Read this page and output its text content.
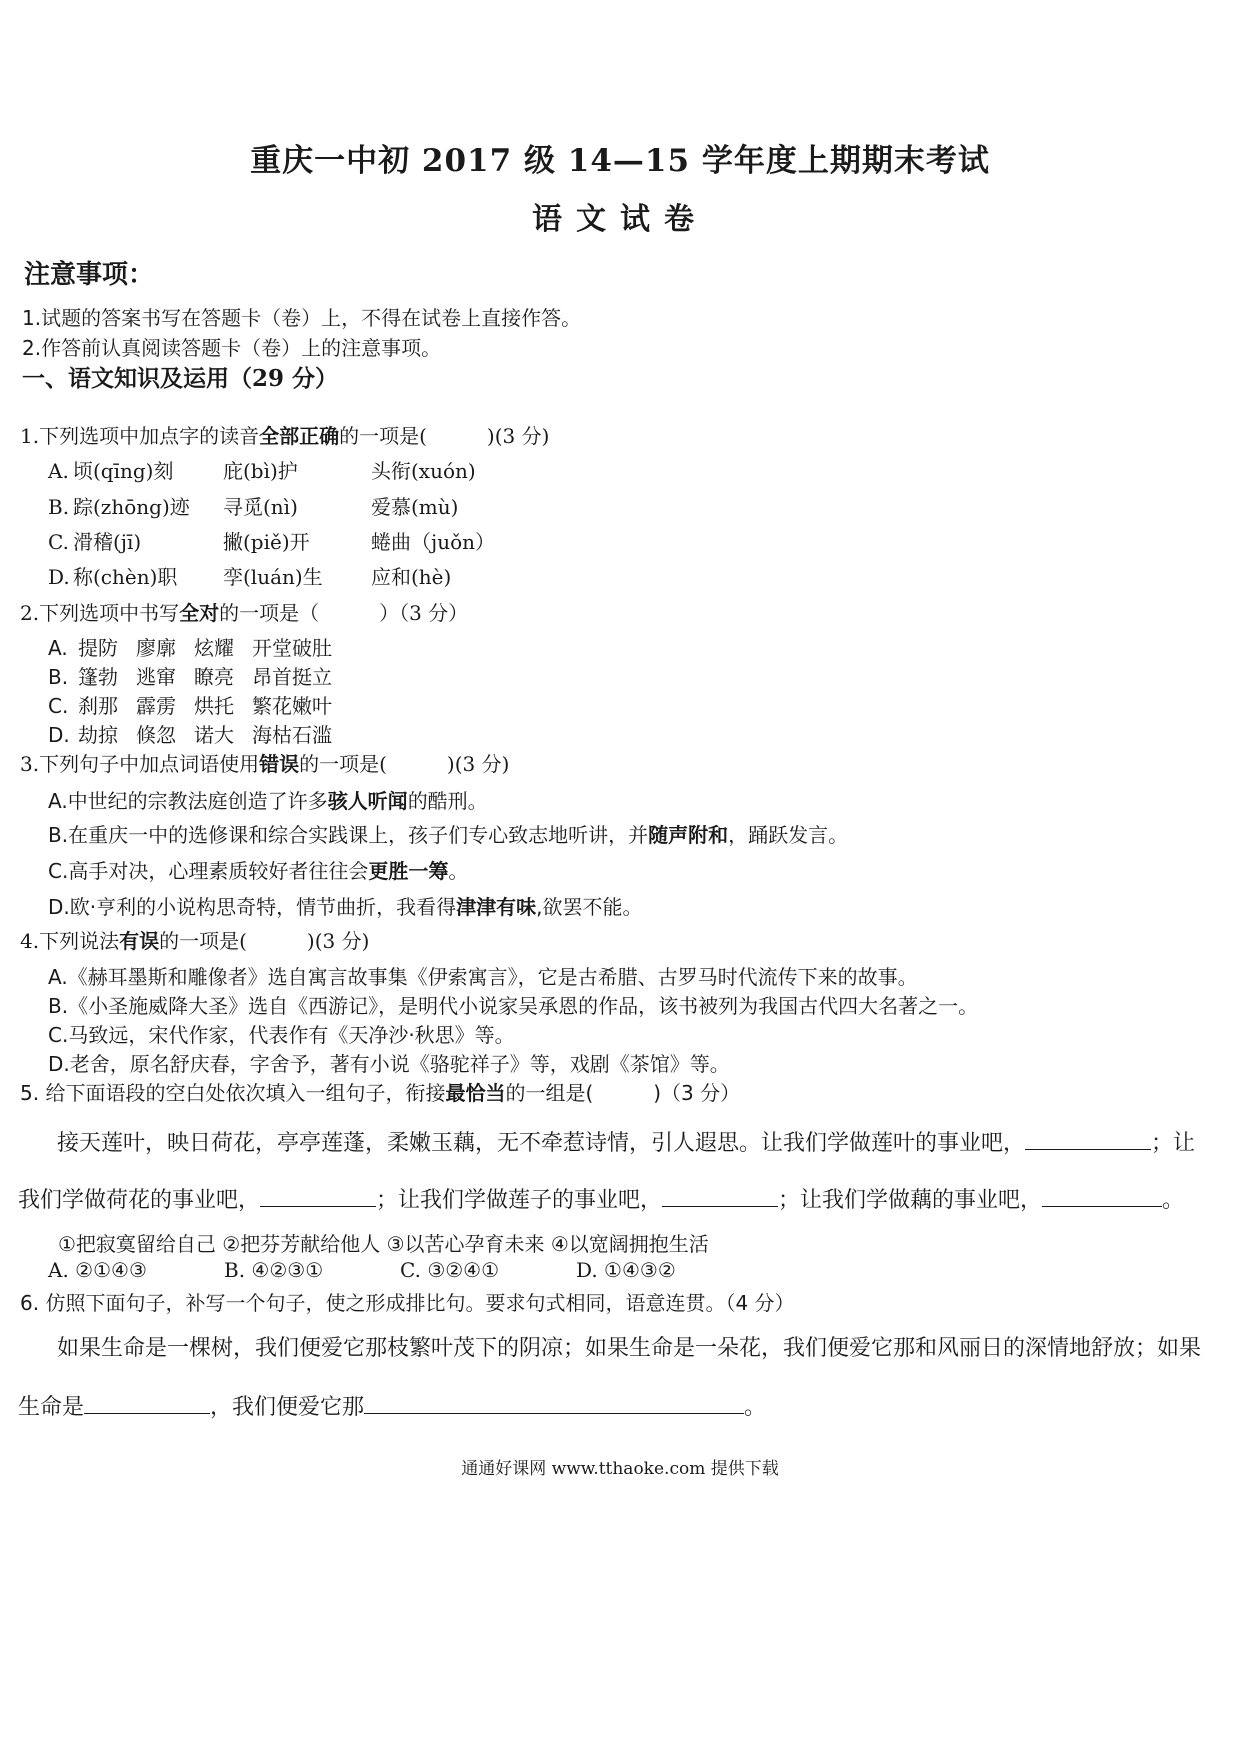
重庆一中初 2017 级 14—15 学年度上期期末考试
语文试卷
注意事项：
1.试题的答案书写在答题卡（卷）上，不得在试卷上直接作答。
2.作答前认真阅读答题卡（卷）上的注意事项。
一、语文知识及运用（29 分）
1.下列选项中加点字的读音全部正确的一项是(　　　)(3 分)
A. 顷(qīng)刻 庇(bì)护	头衔(xuón)
B. 踪(zhōng)迹 寻觅(nì)	爱慕(mù)
C. 滑稽(jī)	撇(piě)开	蜷曲（juǒn）
D. 称(chèn)职 孪(luán)生 应和(hè)
2.下列选项中书写全对的一项是（　　　）（3 分）
A. 提防 廖廓 炫耀 开堂破肚
B. 篷勃 逃窜 瞭亮 昂首挺立
C. 刹那 霹雳 烘托 繁花嫩叶
D. 劫掠 倏忽 诺大 海枯石滥
3.下列句子中加点词语使用错误的一项是(　　　)(3 分)
A.中世纪的宗教法庭创造了许多骇人听闻的酷刑。
B.在重庆一中的选修课和综合实践课上，孩子们专心致志地听讲，并随声附和，踊跃发言。
C.高手对决，心理素质较好者往往会更胜一筹。
D.欧·亨利的小说构思奇特，情节曲折，我看得津津有味,欲罢不能。
4.下列说法有误的一项是(　　　)(3 分)
A.《赫耳墨斯和雕像者》选自寓言故事集《伊索寓言》，它是古希腊、古罗马时代流传下来的故事。
B.《小圣施威降大圣》选自《西游记》，是明代小说家吴承恩的作品，该书被列为我国古代四大名著之一。
C.马致远，宋代作家，代表作有《天净沙·秋思》等。
D.老舍，原名舒庆春，字舍予，著有小说《骆驼祥子》等，戏剧《茶馆》等。
5. 给下面语段的空白处依次填入一组句子，衔接最恰当的一组是(　　　)（3 分）
接天莲叶，映日荷花，亭亭莲蓬，柔嫩玉藕，无不牵惹诗情，引人遐思。让我们学做莲叶的事业吧，	；让
我们学做荷花的事业吧，	；让我们学做莲子的事业吧，	；让我们学做藕的事业吧，	。
①把寂寞留给自己 ②把芬芳献给他人 ③以苦心孕育未来 ④以宽阔拥抱生活
A. ②①④③	B. ④②③①	C. ③②④①	D. ①④③②
6. 仿照下面句子，补写一个句子，使之形成排比句。要求句式相同，语意连贯。（4 分）
如果生命是一棵树，我们便爱它那枝繁叶茂下的阴凉；如果生命是一朵花，我们便爱它那和风丽日的深情地舒放；如果
生命是	，我们便爱它那	。
通通好课网 www.tthaoke.com 提供下载
